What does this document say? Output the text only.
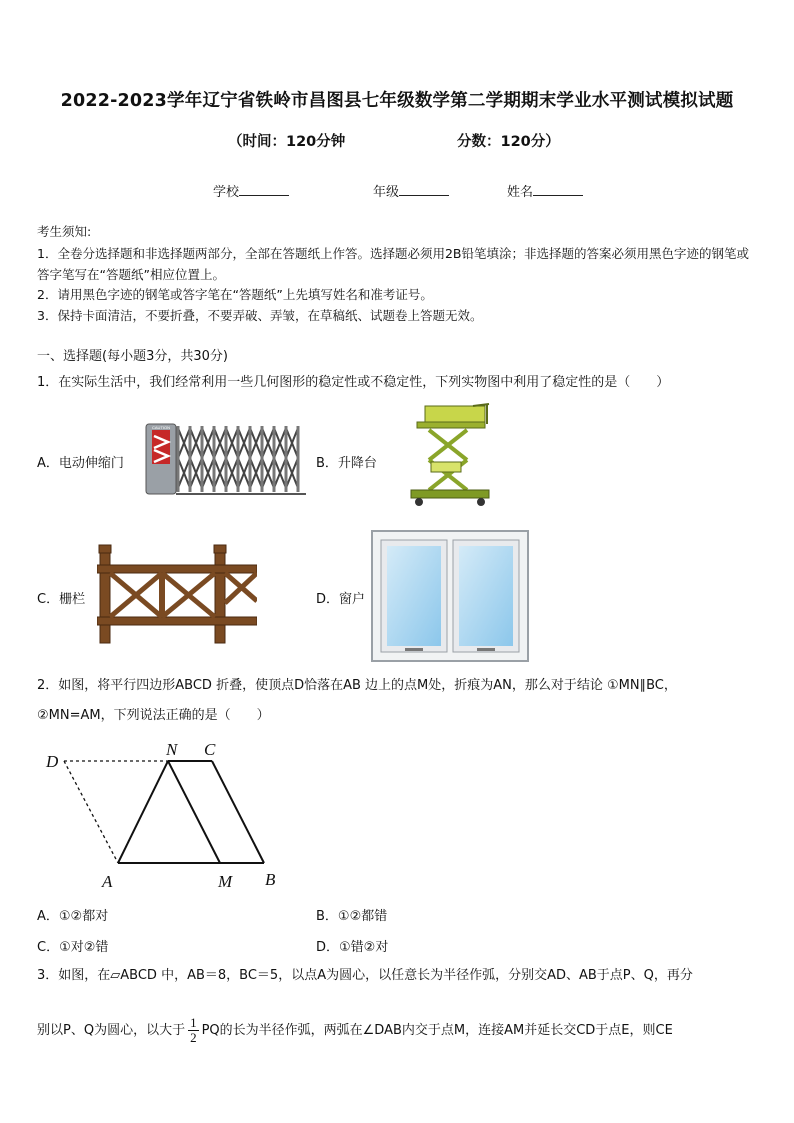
2022-2023学年辽宁省铁岭市昌图县七年级数学第二学期期末学业水平测试模拟试题
（时间：120分钟	分数：120分）
学校	年级	姓名
考生须知:
1．全卷分选择题和非选择题两部分，全部在答题纸上作答。选择题必须用2B铅笔填涂；非选择题的答案必须用黑色字迹的钢笔或答字笔写在“答题纸”相应位置上。
2．请用黑色字迹的钢笔或答字笔在“答题纸”上先填写姓名和准考证号。
3．保持卡面清洁，不要折叠，不要弄破、弄皱，在草稿纸、试题卷上答题无效。
一、选择题(每小题3分，共30分)
1．在实际生活中，我们经常利用一些几何图形的稳定性或不稳定性，下列实物图中利用了稳定性的是（　　）
A．电动伸缩门
CAUTION
B．升降台
C．栅栏	D．窗户
2．如图，将平行四边形ABCD 折叠，使顶点D恰落在AB 边上的点M处，折痕为AN，那么对于结论 ①MN∥BC，
②MN=AM，下列说法正确的是（　　）
D
N C
A	M B
A．①②都对	B．①②都错
C．①对②错	D．①错②对
3．如图，在▱ABCD 中，AB＝8，BC＝5，以点A为圆心，以任意长为半径作弧，分别交AD、AB于点P、Q，再分
别以P、Q为圆心，以大于 $\frac{1}{2}$ PQ的长为半径作弧，两弧在∠DAB内交于点M，连接AM并延长交CD于点E，则CE
